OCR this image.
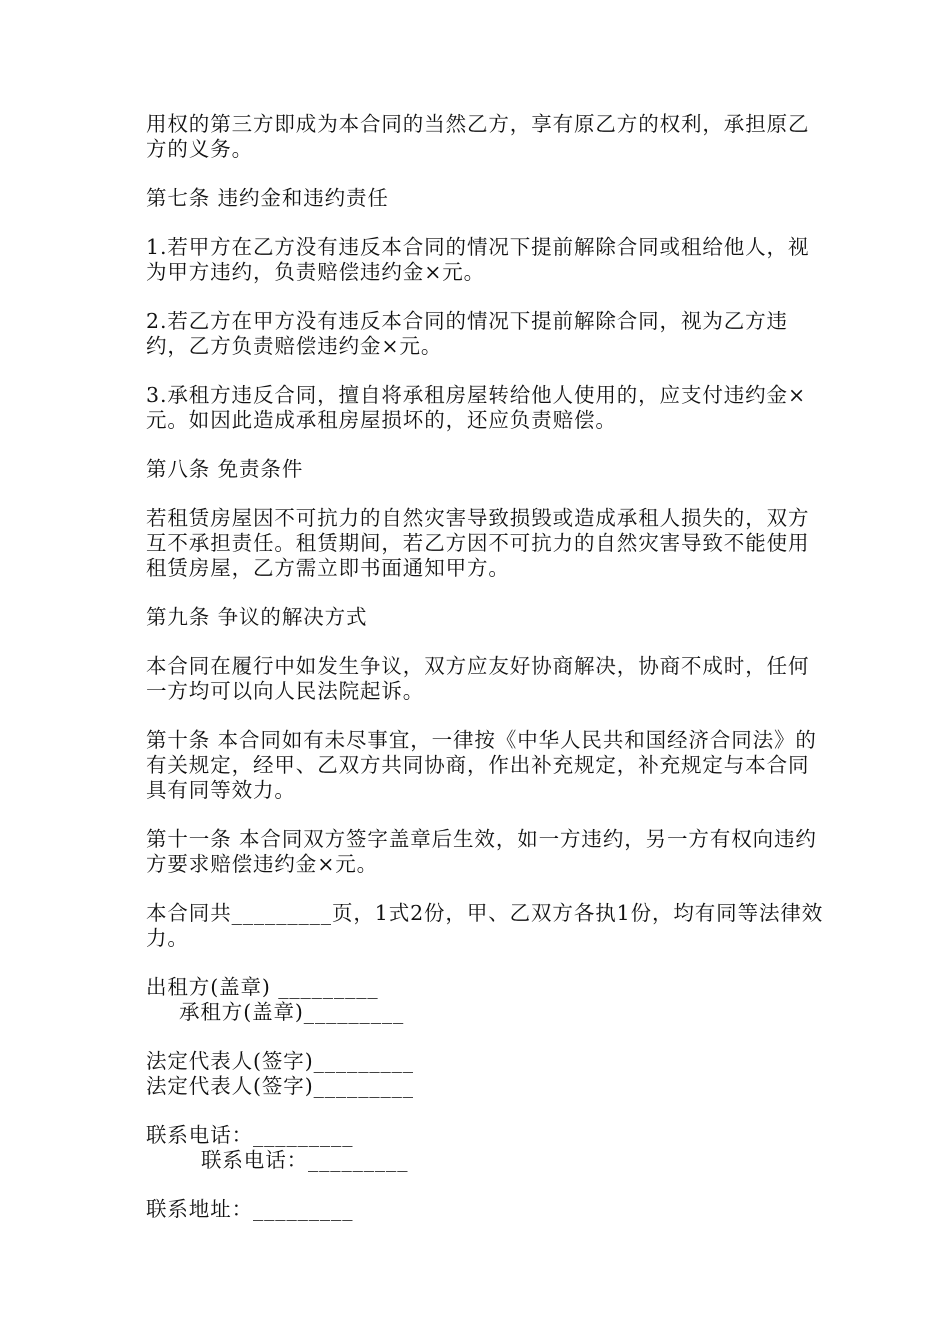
用权的第三方即成为本合同的当然乙方，享有原乙方的权利，承担原乙方的义务。

第七条 违约金和违约责任

1.若甲方在乙方没有违反本合同的情况下提前解除合同或租给他人，视为甲方违约，负责赔偿违约金×元。

2.若乙方在甲方没有违反本合同的情况下提前解除合同，视为乙方违约，乙方负责赔偿违约金×元。

3.承租方违反合同，擅自将承租房屋转给他人使用的，应支付违约金×元。如因此造成承租房屋损坏的，还应负责赔偿。

第八条 免责条件

若租赁房屋因不可抗力的自然灾害导致损毁或造成承租人损失的，双方互不承担责任。租赁期间，若乙方因不可抗力的自然灾害导致不能使用租赁房屋，乙方需立即书面通知甲方。

第九条 争议的解决方式

本合同在履行中如发生争议，双方应友好协商解决，协商不成时，任何一方均可以向人民法院起诉。

第十条 本合同如有未尽事宜，一律按《中华人民共和国经济合同法》的有关规定，经甲、乙双方共同协商，作出补充规定，补充规定与本合同具有同等效力。

第十一条 本合同双方签字盖章后生效，如一方违约，另一方有权向违约方要求赔偿违约金×元。

本合同共_________页，1式2份，甲、乙双方各执1份，均有同等法律效力。

出租方(盖章) _________
承租方(盖章)_________
法定代表人(签字)_________
法定代表人(签字)_________
联系电话：_________
联系电话：_________
联系地址：_________
